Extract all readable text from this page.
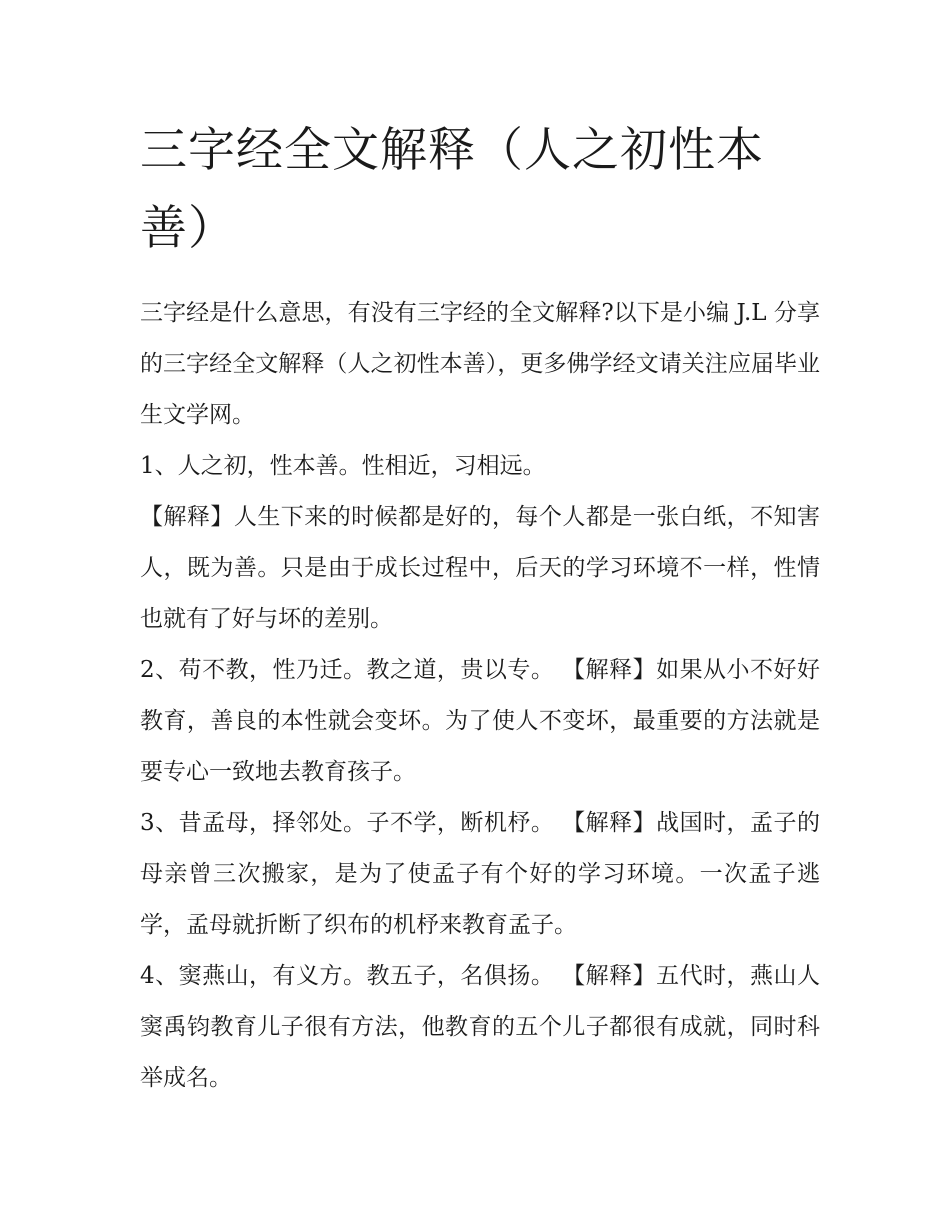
三字经全文解释（人之初性本善）

三字经是什么意思，有没有三字经的全文解释?以下是小编 J.L 分享的三字经全文解释（人之初性本善），更多佛学经文请关注应届毕业生文学网。

1、人之初，性本善。性相近，习相远。

【解释】人生下来的时候都是好的，每个人都是一张白纸，不知害人，既为善。只是由于成长过程中，后天的学习环境不一样，性情也就有了好与坏的差别。

2、苟不教，性乃迁。教之道，贵以专。 【解释】如果从小不好好教育，善良的本性就会变坏。为了使人不变坏，最重要的方法就是要专心一致地去教育孩子。

3、昔孟母，择邻处。子不学，断机杼。 【解释】战国时，孟子的母亲曾三次搬家，是为了使孟子有个好的学习环境。一次孟子逃学，孟母就折断了织布的机杼来教育孟子。

4、窦燕山，有义方。教五子，名俱扬。 【解释】五代时，燕山人窦禹钧教育儿子很有方法，他教育的五个儿子都很有成就，同时科举成名。
